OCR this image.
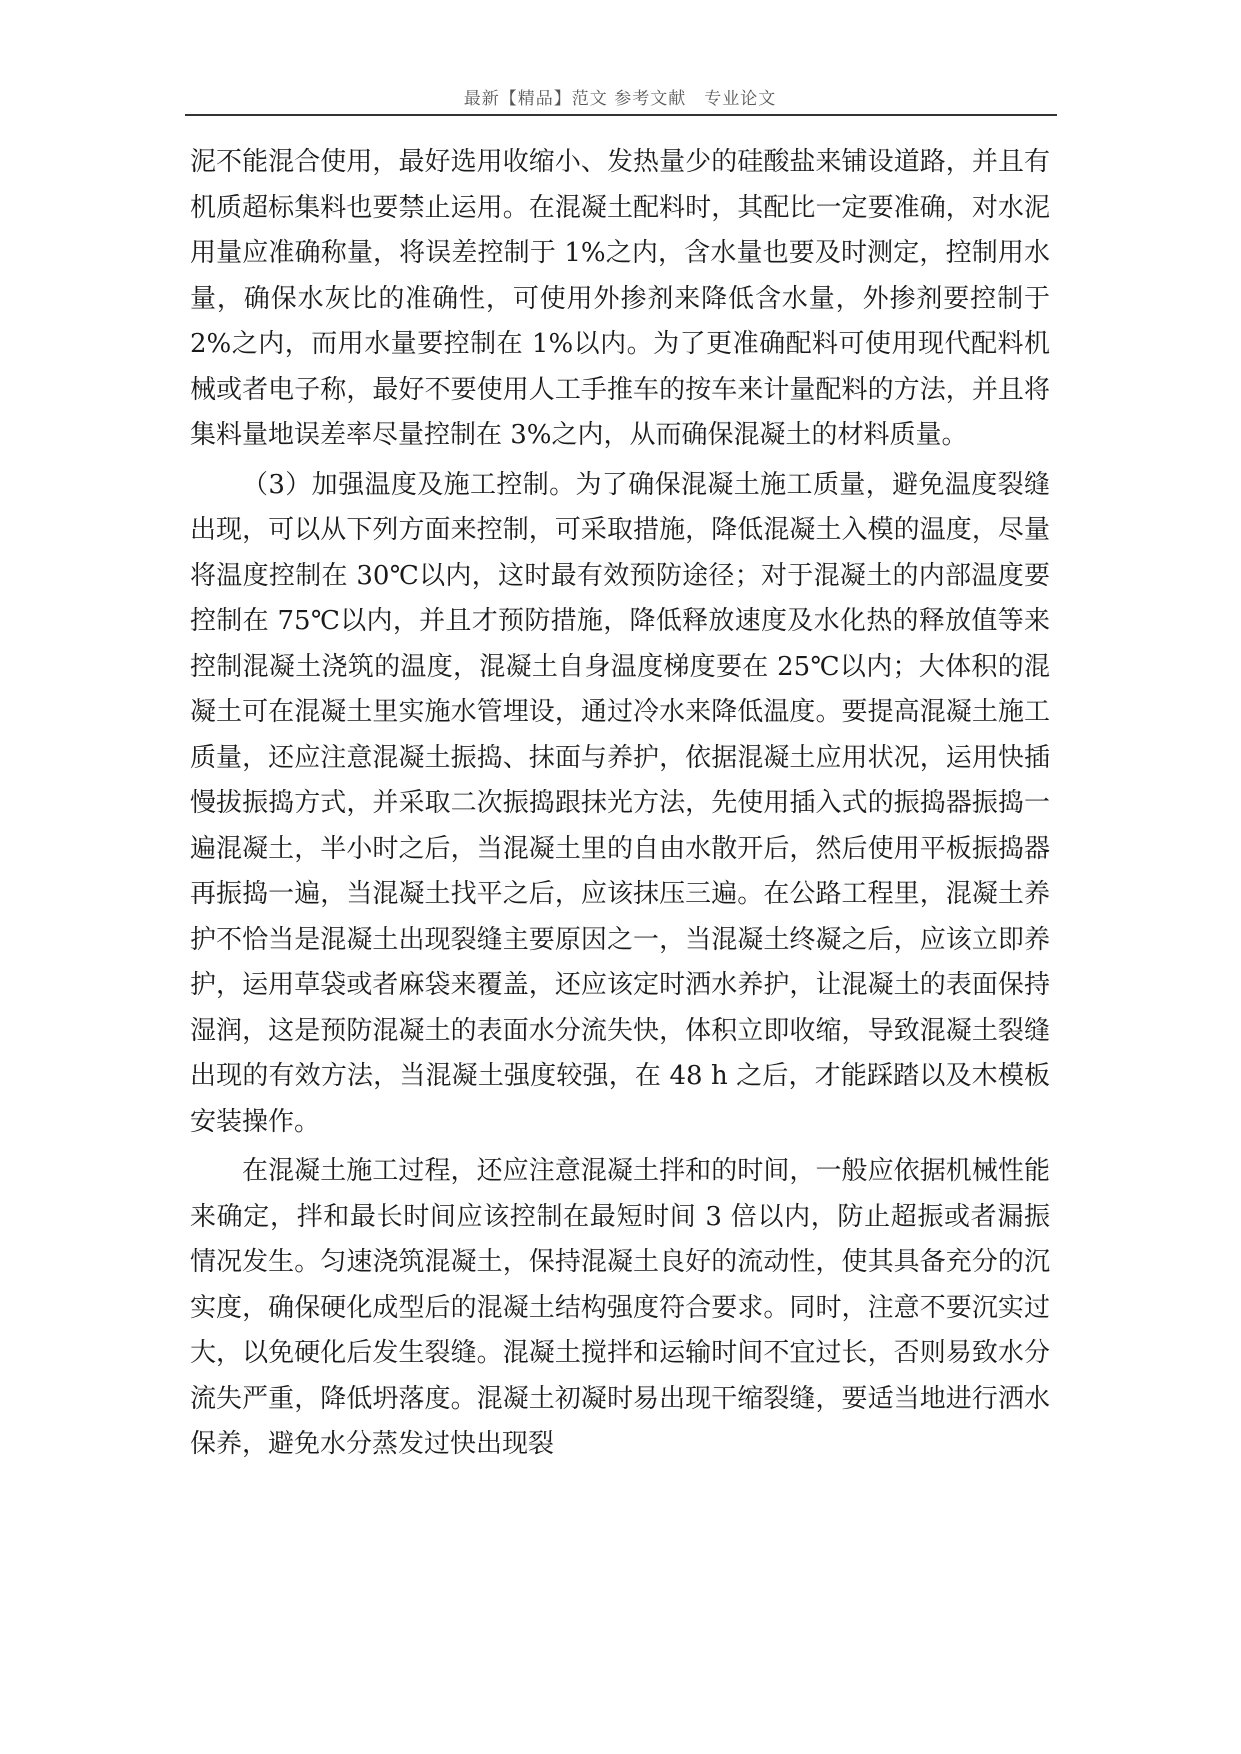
最新【精品】范文 参考文献　专业论文

泥不能混合使用，最好选用收缩小、发热量少的硅酸盐来铺设道路，并且有机质超标集料也要禁止运用。在混凝土配料时，其配比一定要准确，对水泥用量应准确称量，将误差控制于 1%之内，含水量也要及时测定，控制用水量，确保水灰比的准确性，可使用外掺剂来降低含水量，外掺剂要控制于 2%之内，而用水量要控制在 1%以内。为了更准确配料可使用现代配料机械或者电子称，最好不要使用人工手推车的按车来计量配料的方法，并且将集料量地误差率尽量控制在 3%之内，从而确保混凝土的材料质量。

（3）加强温度及施工控制。为了确保混凝土施工质量，避免温度裂缝出现，可以从下列方面来控制，可采取措施，降低混凝土入模的温度，尽量将温度控制在 30℃以内，这时最有效预防途径；对于混凝土的内部温度要控制在 75℃以内，并且才预防措施，降低释放速度及水化热的释放值等来控制混凝土浇筑的温度，混凝土自身温度梯度要在 25℃以内；大体积的混凝土可在混凝土里实施水管埋设，通过冷水来降低温度。要提高混凝土施工质量，还应注意混凝土振捣、抹面与养护，依据混凝土应用状况，运用快插慢拔振捣方式，并采取二次振捣跟抹光方法，先使用插入式的振捣器振捣一遍混凝土，半小时之后，当混凝土里的自由水散开后，然后使用平板振捣器再振捣一遍，当混凝土找平之后，应该抹压三遍。在公路工程里，混凝土养护不恰当是混凝土出现裂缝主要原因之一，当混凝土终凝之后，应该立即养护，运用草袋或者麻袋来覆盖，还应该定时洒水养护，让混凝土的表面保持湿润，这是预防混凝土的表面水分流失快，体积立即收缩，导致混凝土裂缝出现的有效方法，当混凝土强度较强，在 48 h 之后，才能踩踏以及木模板安装操作。

在混凝土施工过程，还应注意混凝土拌和的时间，一般应依据机械性能来确定，拌和最长时间应该控制在最短时间 3 倍以内，防止超振或者漏振情况发生。匀速浇筑混凝土，保持混凝土良好的流动性，使其具备充分的沉实度，确保硬化成型后的混凝土结构强度符合要求。同时，注意不要沉实过大，以免硬化后发生裂缝。混凝土搅拌和运输时间不宜过长，否则易致水分流失严重，降低坍落度。混凝土初凝时易出现干缩裂缝，要适当地进行洒水保养，避免水分蒸发过快出现裂
